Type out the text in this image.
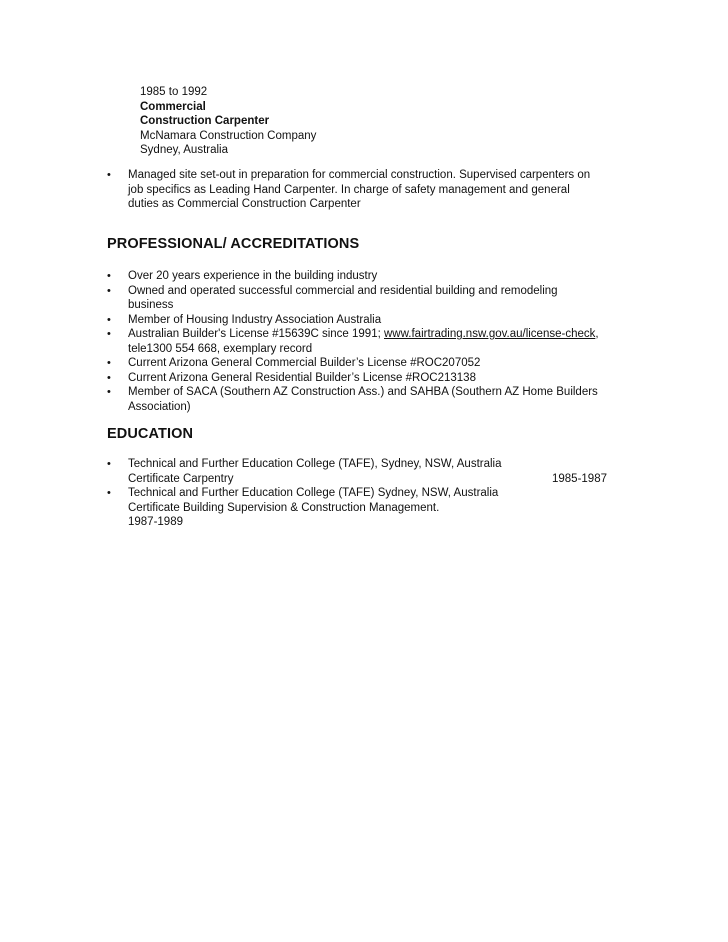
1985 to 1992
Commercial
Construction Carpenter
McNamara Construction Company
Sydney, Australia
• Managed site set-out in preparation for commercial construction. Supervised carpenters on
job specifics as Leading Hand Carpenter. In charge of safety management and general
duties as Commercial Construction Carpenter
PROFESSIONAL/ ACCREDITATIONS
• Over 20 years experience in the building industry
• Owned and operated successful commercial and residential building and remodeling
business
• Member of Housing Industry Association Australia
• Australian Builder's License #15639C since 1991; www.fairtrading.nsw.gov.au/license-check,
tele1300 554 668, exemplary record
• Current Arizona General Commercial Builder’s License #ROC207052
• Current Arizona General Residential Builder’s License #ROC213138
• Member of SACA (Southern AZ Construction Ass.) and SAHBA (Southern AZ Home Builders
Association)
EDUCATION
• Technical and Further Education College (TAFE), Sydney, NSW, Australia
Certificate Carpentry	1985-1987
• Technical and Further Education College (TAFE) Sydney, NSW, Australia
Certificate Building Supervision & Construction Management.
1987-1989
